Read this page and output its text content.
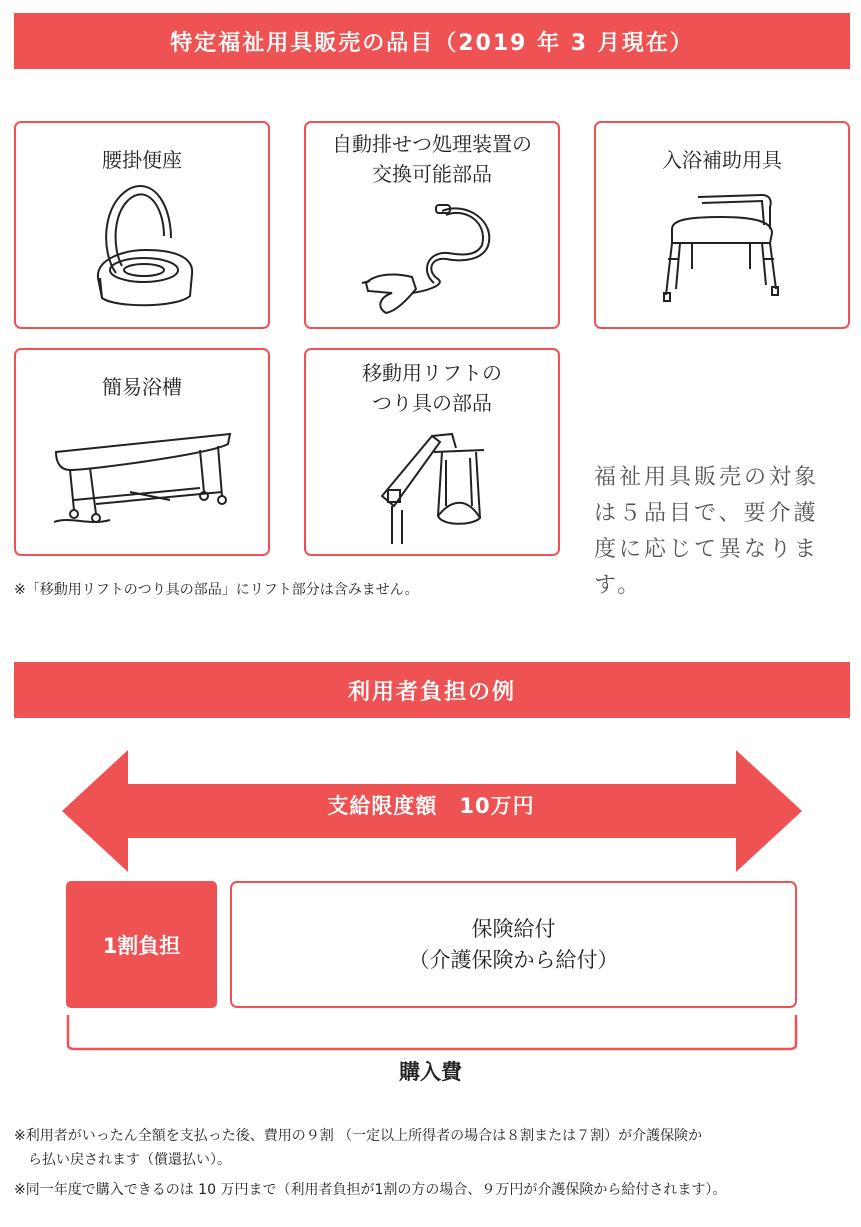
特定福祉用具販売の品目（2019 年 3 月現在）
腰掛便座
自動排せつ処理装置の
交換可能部品
入浴補助用具
簡易浴槽
移動用リフトの
つり具の部品
福祉用具販売の対象
は５品目で、要介護
度に応じて異なります。
※「移動用リフトのつり具の部品」にリフト部分は含みません。
利用者負担の例
支給限度額　10万円
1割負担
保険給付
（介護保険から給付）
購入費
※利用者がいったん全額を支払った後、費用の９割 （一定以上所得者の場合は８割または７割）が介護保険か
　ら払い戻されます（償還払い）。
※同一年度で購入できるのは 10 万円まで（利用者負担が1割の方の場合、９万円が介護保険から給付されます）。
